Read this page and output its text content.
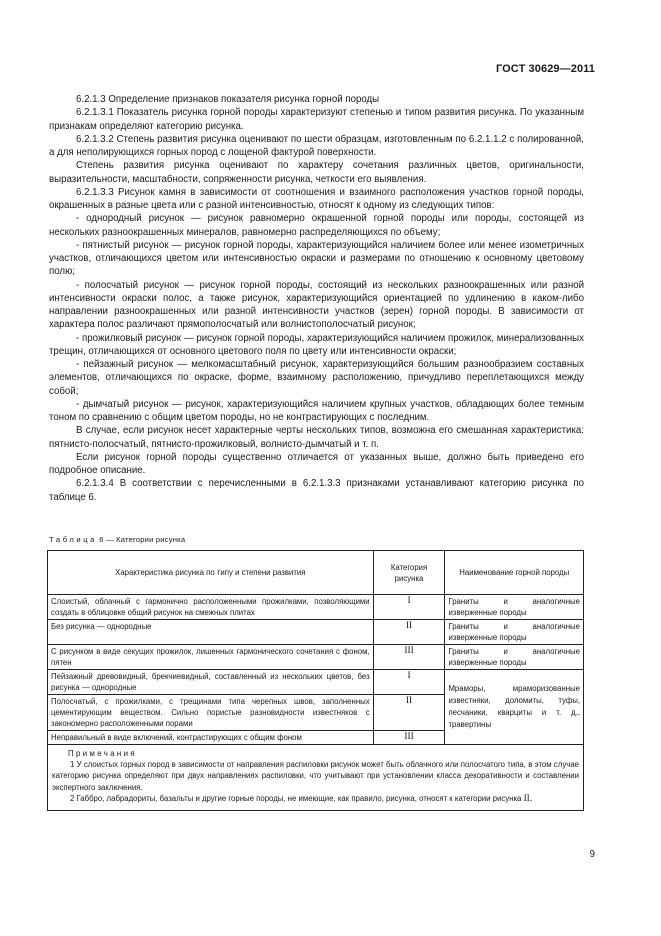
ГОСТ 30629—2011

6.2.1.3 Определение признаков показателя рисунка горной породы

6.2.1.3.1 Показатель рисунка горной породы характеризуют степенью и типом развития рисунка. По указанным признакам определяют категорию рисунка.

6.2.1.3.2 Степень развития рисунка оценивают по шести образцам, изготовленным по 6.2.1.1.2 с полированной, а для неполирующихся горных пород с лощеной фактурой поверхности.

Степень развития рисунка оценивают по характеру сочетания различных цветов, оригинальности, выразительности, масштабности, сопряженности рисунка, четкости его выявления.

6.2.1.3.3 Рисунок камня в зависимости от соотношения и взаимного расположения участков горной породы, окрашенных в разные цвета или с разной интенсивностью, относят к одному из следующих типов:

- однородный рисунок — рисунок равномерно окрашенной горной породы или породы, состоящей из нескольких разноокрашенных минералов, равномерно распределяющихся по объему;

- пятнистый рисунок — рисунок горной породы, характеризующийся наличием более или менее изометричных участков, отличающихся цветом или интенсивностью окраски и размерами по отношению к основному цветовому полю;

- полосчатый рисунок — рисунок горной породы, состоящий из нескольких разноокрашенных или разной интенсивности окраски полос, а также рисунок, характеризующийся ориентацией по удлинению в каком-либо направлении разноокрашенных или разной интенсивности участков (зерен) горной породы. В зависимости от характера полос различают прямополосчатый или волнистополосчатый рисунок;

- прожилковый рисунок — рисунок горной породы, характеризующийся наличием прожилок, минерализованных трещин, отличающихся от основного цветового поля по цвету или интенсивности окраски;

- пейзажный рисунок — мелкомасштабный рисунок, характеризующийся большим разнообразием составных элементов, отличающихся по окраске, форме, взаимному расположению, причудливо переплетающихся между собой;

- дымчатый рисунок — рисунок, характеризующийся наличием крупных участков, обладающих более темным тоном по сравнению с общим цветом породы, но не контрастирующих с последним.

В случае, если рисунок несет характерные черты нескольких типов, возможна его смешанная характеристика: пятнисто-полосчатый, пятнисто-прожилковый, волнисто-дымчатый и т. п.

Если рисунок горной породы существенно отличается от указанных выше, должно быть приведено его подробное описание.

6.2.1.3.4 В соответствии с перечисленными в 6.2.1.3.3 признаками устанавливают категорию рисунка по таблице 6.

Таблица 6 — Категории рисунка
Характеристика рисунка по типу и степени развития	Категория рисунка	Наименование горной породы
Слоистый, облачный с гармонично расположенными прожилками, позволяющими создать в облицовке общий рисунок на смежных плитах	I	Граниты и аналогичные изверженные породы
Без рисунка — однородные	II	Граниты и аналогичные изверженные породы
С рисунком в виде секущих прожилок, лишенных гармонического сочетания с фоном, пятен	III	Граниты и аналогичные изверженные породы
Пейзажный древовидный, брекчиевидный, составленный из нескольких цветов, без рисунка — однородные	I	Мраморы, мраморизованные известняки, доломиты, туфы, песчаники, кварциты и т. д., травертины
Полосчатый, с прожилками, с трещинами типа черепных швов, заполненных цементирующим веществом. Сильно пористые разновидности известняков с закономерно расположенными порами	II	
Неправильный в виде включений, контрастирующих с общим фоном	III	

Примечания

1 У слоистых горных пород в зависимости от направления распиловки рисунок может быть облачного или полосчатого типа, в этом случае категорию рисунка определяют при двух направлениях распиловки, что учитывают при установлении класса декоративности и составлении экспертного заключения.

2 Габбро, лабрадориты, базальты и другие горные породы, не имеющие, как правило, рисунка, относят к категории рисунка II.		

9
